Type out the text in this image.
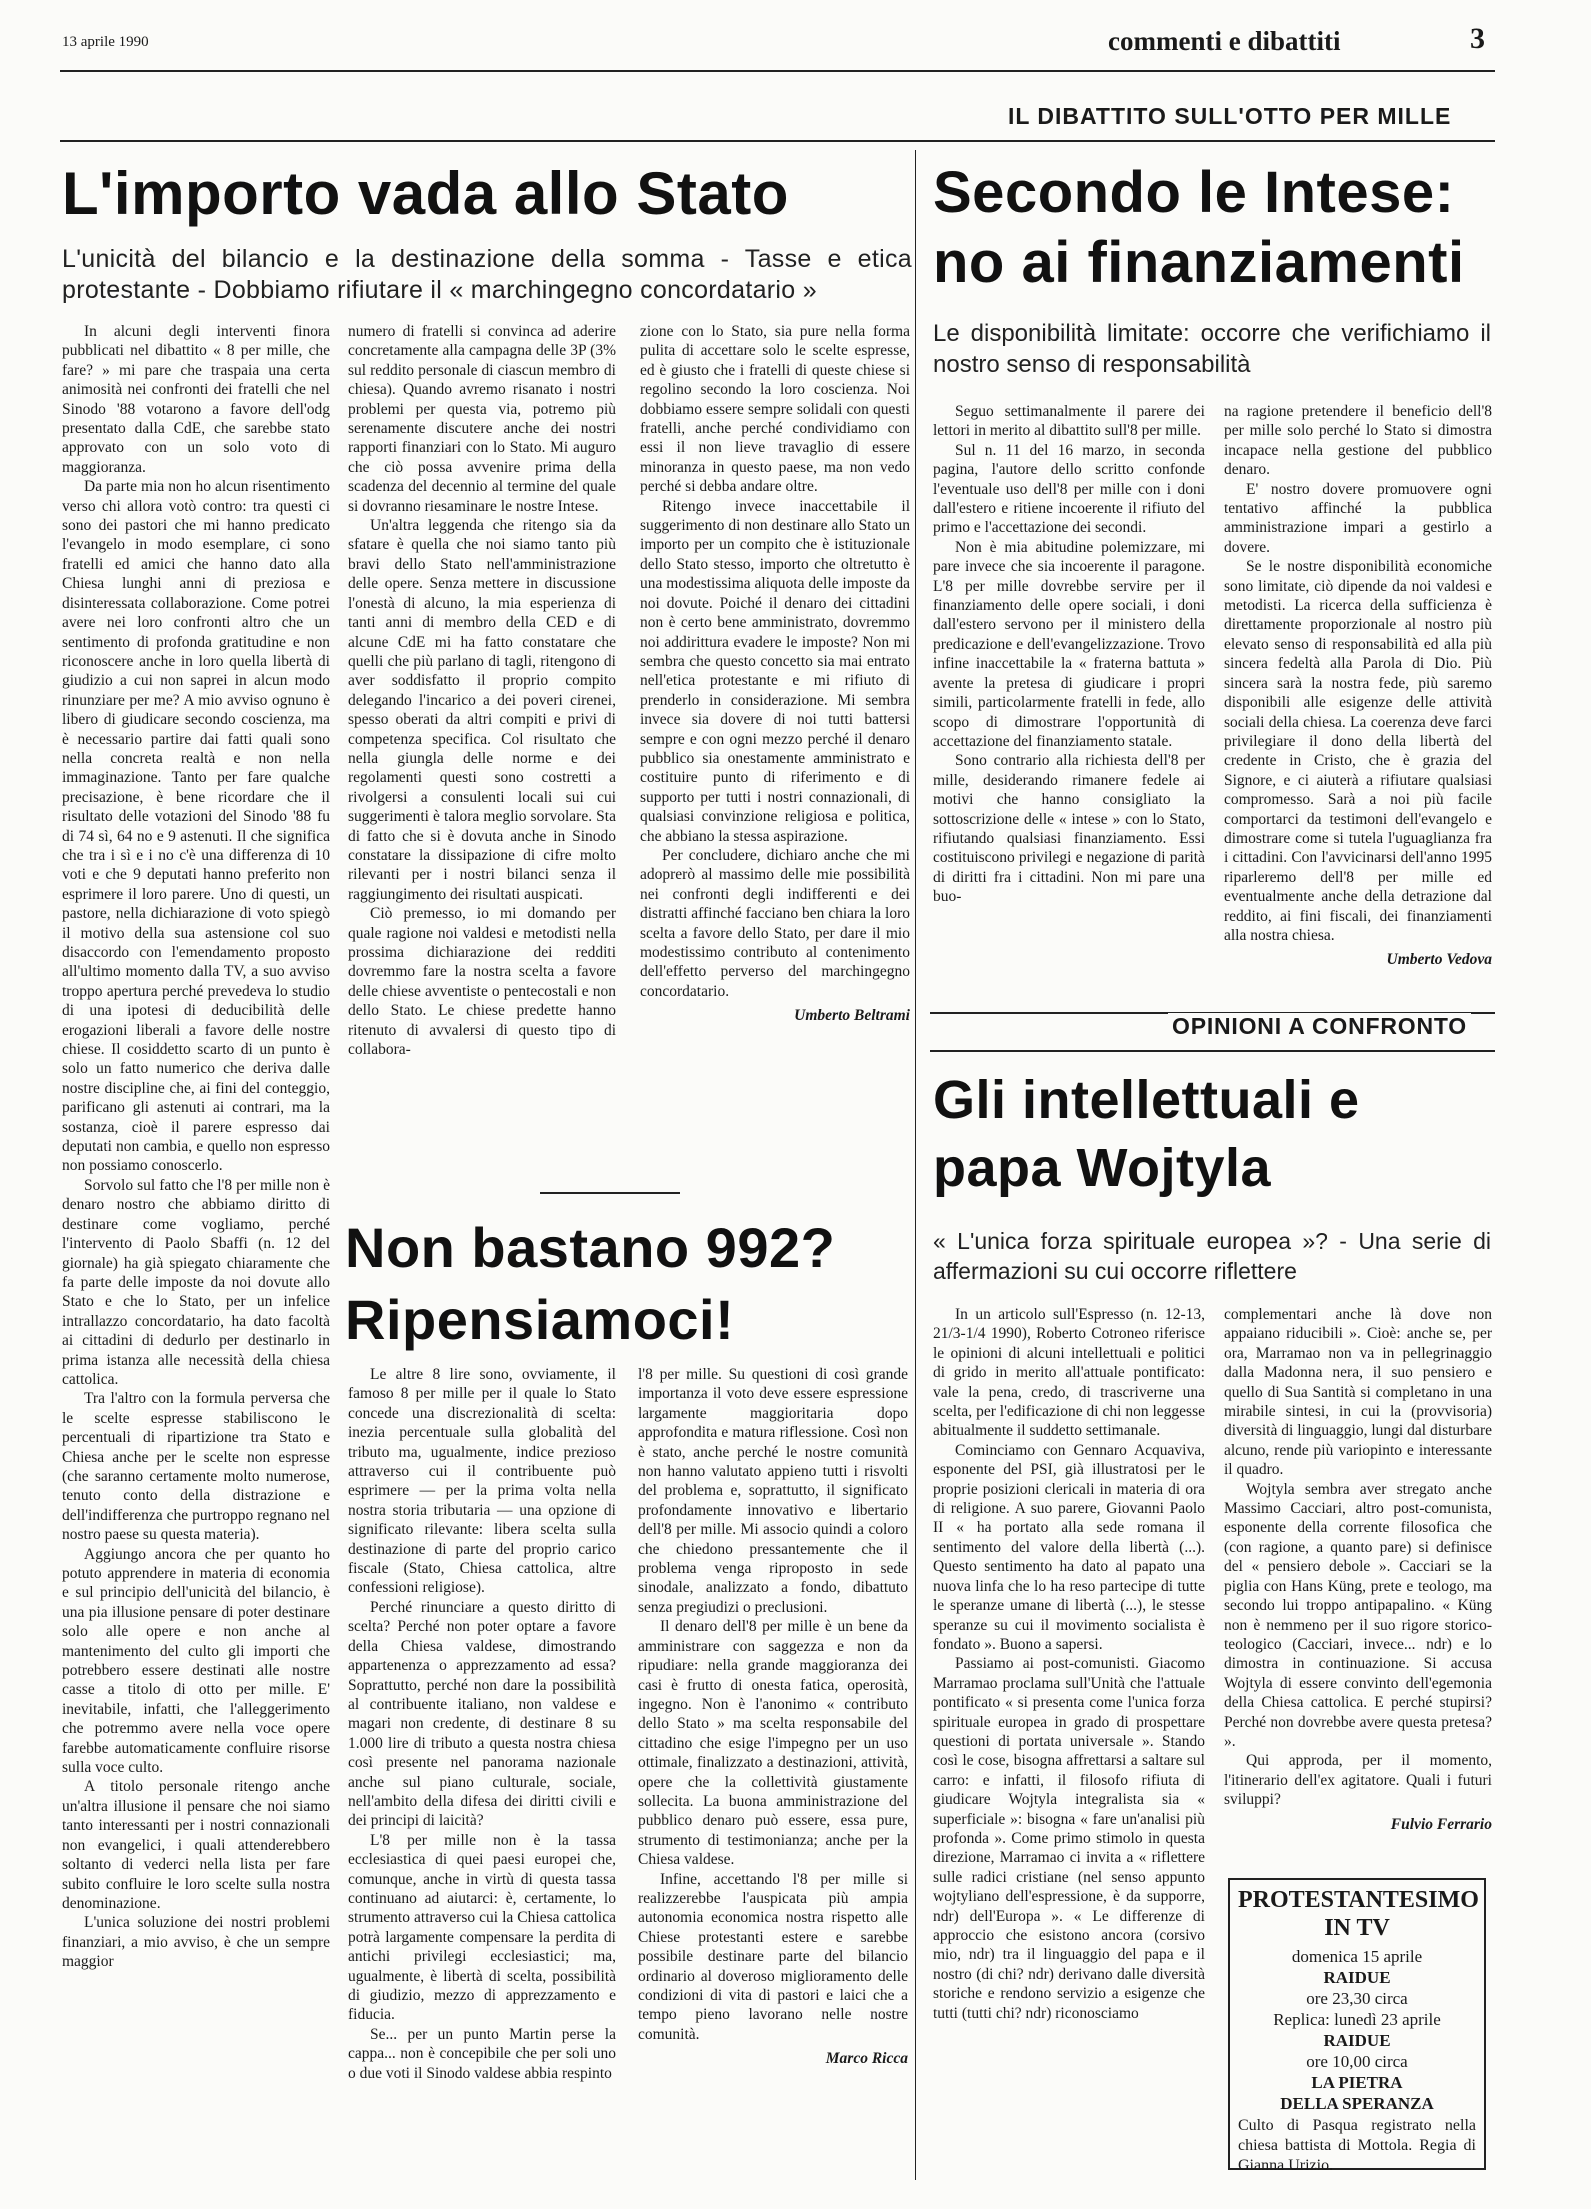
13 aprile 1990	commenti e dibattiti	3
IL DIBATTITO SULL'OTTO PER MILLE
L'importo vada allo Stato
L'unicità del bilancio e la destinazione della somma - Tasse e etica protestante - Dobbiamo rifiutare il « marchingegno concordatario »

In alcuni degli interventi finora pubblicati nel dibattito « 8 per mille, che fare? » mi pare che traspaia una certa animosità nei confronti dei fratelli che nel Sinodo '88 votarono a favore dell'odg presentato dalla CdE, che sarebbe stato approvato con un solo voto di maggioranza.

Da parte mia non ho alcun risentimento verso chi allora votò contro: tra questi ci sono dei pastori che mi hanno predicato l'evangelo in modo esemplare, ci sono fratelli ed amici che hanno dato alla Chiesa lunghi anni di preziosa e disinteressata collaborazione. Come potrei avere nei loro confronti altro che un sentimento di profonda gratitudine e non riconoscere anche in loro quella libertà di giudizio a cui non saprei in alcun modo rinunziare per me? A mio avviso ognuno è libero di giudicare secondo coscienza, ma è necessario partire dai fatti quali sono nella concreta realtà e non nella immaginazione. Tanto per fare qualche precisazione, è bene ricordare che il risultato delle votazioni del Sinodo '88 fu di 74 sì, 64 no e 9 astenuti. Il che significa che tra i sì e i no c'è una differenza di 10 voti e che 9 deputati hanno preferito non esprimere il loro parere. Uno di questi, un pastore, nella dichiarazione di voto spiegò il motivo della sua astensione col suo disaccordo con l'emendamento proposto all'ultimo momento dalla TV, a suo avviso troppo apertura perché prevedeva lo studio di una ipotesi di deducibilità delle erogazioni liberali a favore delle nostre chiese. Il cosiddetto scarto di un punto è solo un fatto numerico che deriva dalle nostre discipline che, ai fini del conteggio, parificano gli astenuti ai contrari, ma la sostanza, cioè il parere espresso dai deputati non cambia, e quello non espresso non possiamo conoscerlo.

Sorvolo sul fatto che l'8 per mille non è denaro nostro che abbiamo diritto di destinare come vogliamo, perché l'intervento di Paolo Sbaffi (n. 12 del giornale) ha già spiegato chiaramente che fa parte delle imposte da noi dovute allo Stato e che lo Stato, per un infelice intrallazzo concordatario, ha dato facoltà ai cittadini di dedurlo per destinarlo in prima istanza alle necessità della chiesa cattolica.

Tra l'altro con la formula perversa che le scelte espresse stabiliscono le percentuali di ripartizione tra Stato e Chiesa anche per le scelte non espresse (che saranno certamente molto numerose, tenuto conto della distrazione e dell'indifferenza che purtroppo regnano nel nostro paese su questa materia).

Aggiungo ancora che per quanto ho potuto apprendere in materia di economia e sul principio dell'unicità del bilancio, è una pia illusione pensare di poter destinare solo alle opere e non anche al mantenimento del culto gli importi che potrebbero essere destinati alle nostre casse a titolo di otto per mille. E' inevitabile, infatti, che l'alleggerimento che potremmo avere nella voce opere farebbe automaticamente confluire risorse sulla voce culto.

A titolo personale ritengo anche un'altra illusione il pensare che noi siamo tanto interessanti per i nostri connazionali non evangelici, i quali attenderebbero soltanto di vederci nella lista per fare subito confluire le loro scelte sulla nostra denominazione.

L'unica soluzione dei nostri problemi finanziari, a mio avviso, è che un sempre maggior

numero di fratelli si convinca ad aderire concretamente alla campagna delle 3P (3% sul reddito personale di ciascun membro di chiesa). Quando avremo risanato i nostri problemi per questa via, potremo più serenamente discutere anche dei nostri rapporti finanziari con lo Stato. Mi auguro che ciò possa avvenire prima della scadenza del decennio al termine del quale si dovranno riesaminare le nostre Intese.

Un'altra leggenda che ritengo sia da sfatare è quella che noi siamo tanto più bravi dello Stato nell'amministrazione delle opere. Senza mettere in discussione l'onestà di alcuno, la mia esperienza di tanti anni di membro della CED e di alcune CdE mi ha fatto constatare che quelli che più parlano di tagli, ritengono di aver soddisfatto il proprio compito delegando l'incarico a dei poveri cirenei, spesso oberati da altri compiti e privi di competenza specifica. Col risultato che nella giungla delle norme e dei regolamenti questi sono costretti a rivolgersi a consulenti locali sui cui suggerimenti è talora meglio sorvolare. Sta di fatto che si è dovuta anche in Sinodo constatare la dissipazione di cifre molto rilevanti per i nostri bilanci senza il raggiungimento dei risultati auspicati.

Ciò premesso, io mi domando per quale ragione noi valdesi e metodisti nella prossima dichiarazione dei redditi dovremmo fare la nostra scelta a favore delle chiese avventiste o pentecostali e non dello Stato. Le chiese predette hanno ritenuto di avvalersi di questo tipo di collabora-

zione con lo Stato, sia pure nella forma pulita di accettare solo le scelte espresse, ed è giusto che i fratelli di queste chiese si regolino secondo la loro coscienza. Noi dobbiamo essere sempre solidali con questi fratelli, anche perché condividiamo con essi il non lieve travaglio di essere minoranza in questo paese, ma non vedo perché si debba andare oltre.

Ritengo invece inaccettabile il suggerimento di non destinare allo Stato un importo per un compito che è istituzionale dello Stato stesso, importo che oltretutto è una modestissima aliquota delle imposte da noi dovute. Poiché il denaro dei cittadini non è certo bene amministrato, dovremmo noi addirittura evadere le imposte? Non mi sembra che questo concetto sia mai entrato nell'etica protestante e mi rifiuto di prenderlo in considerazione. Mi sembra invece sia dovere di noi tutti battersi sempre e con ogni mezzo perché il denaro pubblico sia onestamente amministrato e costituire punto di riferimento e di supporto per tutti i nostri connazionali, di qualsiasi convinzione religiosa e politica, che abbiano la stessa aspirazione.

Per concludere, dichiaro anche che mi adoprerò al massimo delle mie possibilità nei confronti degli indifferenti e dei distratti affinché facciano ben chiara la loro scelta a favore dello Stato, per dare il mio modestissimo contributo al contenimento dell'effetto perverso del marchingegno concordatario.

Umberto Beltrami
Secondo le Intese: no ai finanziamenti
Le disponibilità limitate: occorre che verifichiamo il nostro senso di responsabilità

Seguo settimanalmente il parere dei lettori in merito al dibattito sull'8 per mille.

Sul n. 11 del 16 marzo, in seconda pagina, l'autore dello scritto confonde l'eventuale uso dell'8 per mille con i doni dall'estero e ritiene incoerente il rifiuto del primo e l'accettazione dei secondi.

Non è mia abitudine polemizzare, mi pare invece che sia incoerente il paragone. L'8 per mille dovrebbe servire per il finanziamento delle opere sociali, i doni dall'estero servono per il ministero della predicazione e dell'evangelizzazione. Trovo infine inaccettabile la « fraterna battuta » avente la pretesa di giudicare i propri simili, particolarmente fratelli in fede, allo scopo di dimostrare l'opportunità di accettazione del finanziamento statale.

Sono contrario alla richiesta dell'8 per mille, desiderando rimanere fedele ai motivi che hanno consigliato la sottoscrizione delle « intese » con lo Stato, rifiutando qualsiasi finanziamento. Essi costituiscono privilegi e negazione di parità di diritti fra i cittadini. Non mi pare una buo-

na ragione pretendere il beneficio dell'8 per mille solo perché lo Stato si dimostra incapace nella gestione del pubblico denaro.

E' nostro dovere promuovere ogni tentativo affinché la pubblica amministrazione impari a gestirlo a dovere.

Se le nostre disponibilità economiche sono limitate, ciò dipende da noi valdesi e metodisti. La ricerca della sufficienza è direttamente proporzionale al nostro più elevato senso di responsabilità ed alla più sincera fedeltà alla Parola di Dio. Più sincera sarà la nostra fede, più saremo disponibili alle esigenze delle attività sociali della chiesa. La coerenza deve farci privilegiare il dono della libertà del credente in Cristo, che è grazia del Signore, e ci aiuterà a rifiutare qualsiasi compromesso. Sarà a noi più facile comportarci da testimoni dell'evangelo e dimostrare come si tutela l'uguaglianza fra i cittadini. Con l'avvicinarsi dell'anno 1995 riparleremo dell'8 per mille ed eventualmente anche della detrazione dal reddito, ai fini fiscali, dei finanziamenti alla nostra chiesa.

Umberto Vedova
OPINIONI A CONFRONTO
Gli intellettuali e papa Wojtyla
« L'unica forza spirituale europea »? - Una serie di affermazioni su cui occorre riflettere

In un articolo sull'Espresso (n. 12-13, 21/3-1/4 1990), Roberto Cotroneo riferisce le opinioni di alcuni intellettuali e politici di grido in merito all'attuale pontificato: vale la pena, credo, di trascriverne una scelta, per l'edificazione di chi non leggesse abitualmente il suddetto settimanale.

Cominciamo con Gennaro Acquaviva, esponente del PSI, già illustratosi per le proprie posizioni clericali in materia di ora di religione. A suo parere, Giovanni Paolo II « ha portato alla sede romana il sentimento del valore della libertà (...). Questo sentimento ha dato al papato una nuova linfa che lo ha reso partecipe di tutte le speranze umane di libertà (...), le stesse speranze su cui il movimento socialista è fondato ». Buono a sapersi.

Passiamo ai post-comunisti. Giacomo Marramao proclama sull'Unità che l'attuale pontificato « si presenta come l'unica forza spirituale europea in grado di prospettare questioni di portata universale ». Stando così le cose, bisogna affrettarsi a saltare sul carro: e infatti, il filosofo rifiuta di giudicare Wojtyla integralista sia « superficiale »: bisogna « fare un'analisi più profonda ». Come primo stimolo in questa direzione, Marramao ci invita a « riflettere sulle radici cristiane (nel senso appunto wojtyliano dell'espressione, è da supporre, ndr) dell'Europa ». « Le differenze di approccio che esistono ancora (corsivo mio, ndr) tra il linguaggio del papa e il nostro (di chi? ndr) derivano dalle diversità storiche e rendono servizio a esigenze che tutti (tutti chi? ndr) riconosciamo

complementari anche là dove non appaiano riducibili ». Cioè: anche se, per ora, Marramao non va in pellegrinaggio dalla Madonna nera, il suo pensiero e quello di Sua Santità si completano in una mirabile sintesi, in cui la (provvisoria) diversità di linguaggio, lungi dal disturbare alcuno, rende più variopinto e interessante il quadro.

Wojtyla sembra aver stregato anche Massimo Cacciari, altro post-comunista, esponente della corrente filosofica che (con ragione, a quanto pare) si definisce del « pensiero debole ». Cacciari se la piglia con Hans Küng, prete e teologo, ma secondo lui troppo antipapalino. « Küng non è nemmeno per il suo rigore storico-teologico (Cacciari, invece... ndr) e lo dimostra in continuazione. Si accusa Wojtyla di essere convinto dell'egemonia della Chiesa cattolica. E perché stupirsi? Perché non dovrebbe avere questa pretesa? ».

Qui approda, per il momento, l'itinerario dell'ex agitatore. Quali i futuri sviluppi?

Fulvio Ferrario
PROTESTANTESIMO
IN TV
domenica 15 aprile
RAIDUE
ore 23,30 circa
Replica: lunedì 23 aprile
RAIDUE
ore 10,00 circa
LA PIETRA
DELLA SPERANZA
Culto di Pasqua registrato nella chiesa battista di Mottola. Regia di Gianna Urizio.
Non bastano 992? Ripensiamoci!

Le altre 8 lire sono, ovviamente, il famoso 8 per mille per il quale lo Stato concede una discrezionalità di scelta: inezia percentuale sulla globalità del tributo ma, ugualmente, indice prezioso attraverso cui il contribuente può esprimere — per la prima volta nella nostra storia tributaria — una opzione di significato rilevante: libera scelta sulla destinazione di parte del proprio carico fiscale (Stato, Chiesa cattolica, altre confessioni religiose).

Perché rinunciare a questo diritto di scelta? Perché non poter optare a favore della Chiesa valdese, dimostrando appartenenza o apprezzamento ad essa? Soprattutto, perché non dare la possibilità al contribuente italiano, non valdese e magari non credente, di destinare 8 su 1.000 lire di tributo a questa nostra chiesa così presente nel panorama nazionale anche sul piano culturale, sociale, nell'ambito della difesa dei diritti civili e dei principi di laicità?

L'8 per mille non è la tassa ecclesiastica di quei paesi europei che, comunque, anche in virtù di questa tassa continuano ad aiutarci: è, certamente, lo strumento attraverso cui la Chiesa cattolica potrà largamente compensare la perdita di antichi privilegi ecclesiastici; ma, ugualmente, è libertà di scelta, possibilità di giudizio, mezzo di apprezzamento e fiducia.

Se... per un punto Martin perse la cappa... non è concepibile che per soli uno o due voti il Sinodo valdese abbia respinto

l'8 per mille. Su questioni di così grande importanza il voto deve essere espressione largamente maggioritaria dopo approfondita e matura riflessione. Così non è stato, anche perché le nostre comunità non hanno valutato appieno tutti i risvolti del problema e, soprattutto, il significato profondamente innovativo e libertario dell'8 per mille. Mi associo quindi a coloro che chiedono pressantemente che il problema venga riproposto in sede sinodale, analizzato a fondo, dibattuto senza pregiudizi o preclusioni.

Il denaro dell'8 per mille è un bene da amministrare con saggezza e non da ripudiare: nella grande maggioranza dei casi è frutto di onesta fatica, operosità, ingegno. Non è l'anonimo « contributo dello Stato » ma scelta responsabile del cittadino che esige l'impegno per un uso ottimale, finalizzato a destinazioni, attività, opere che la collettività giustamente sollecita. La buona amministrazione del pubblico denaro può essere, essa pure, strumento di testimonianza; anche per la Chiesa valdese.

Infine, accettando l'8 per mille si realizzerebbe l'auspicata più ampia autonomia economica nostra rispetto alle Chiese protestanti estere e sarebbe possibile destinare parte del bilancio ordinario al doveroso miglioramento delle condizioni di vita di pastori e laici che a tempo pieno lavorano nelle nostre comunità.

Marco Ricca
